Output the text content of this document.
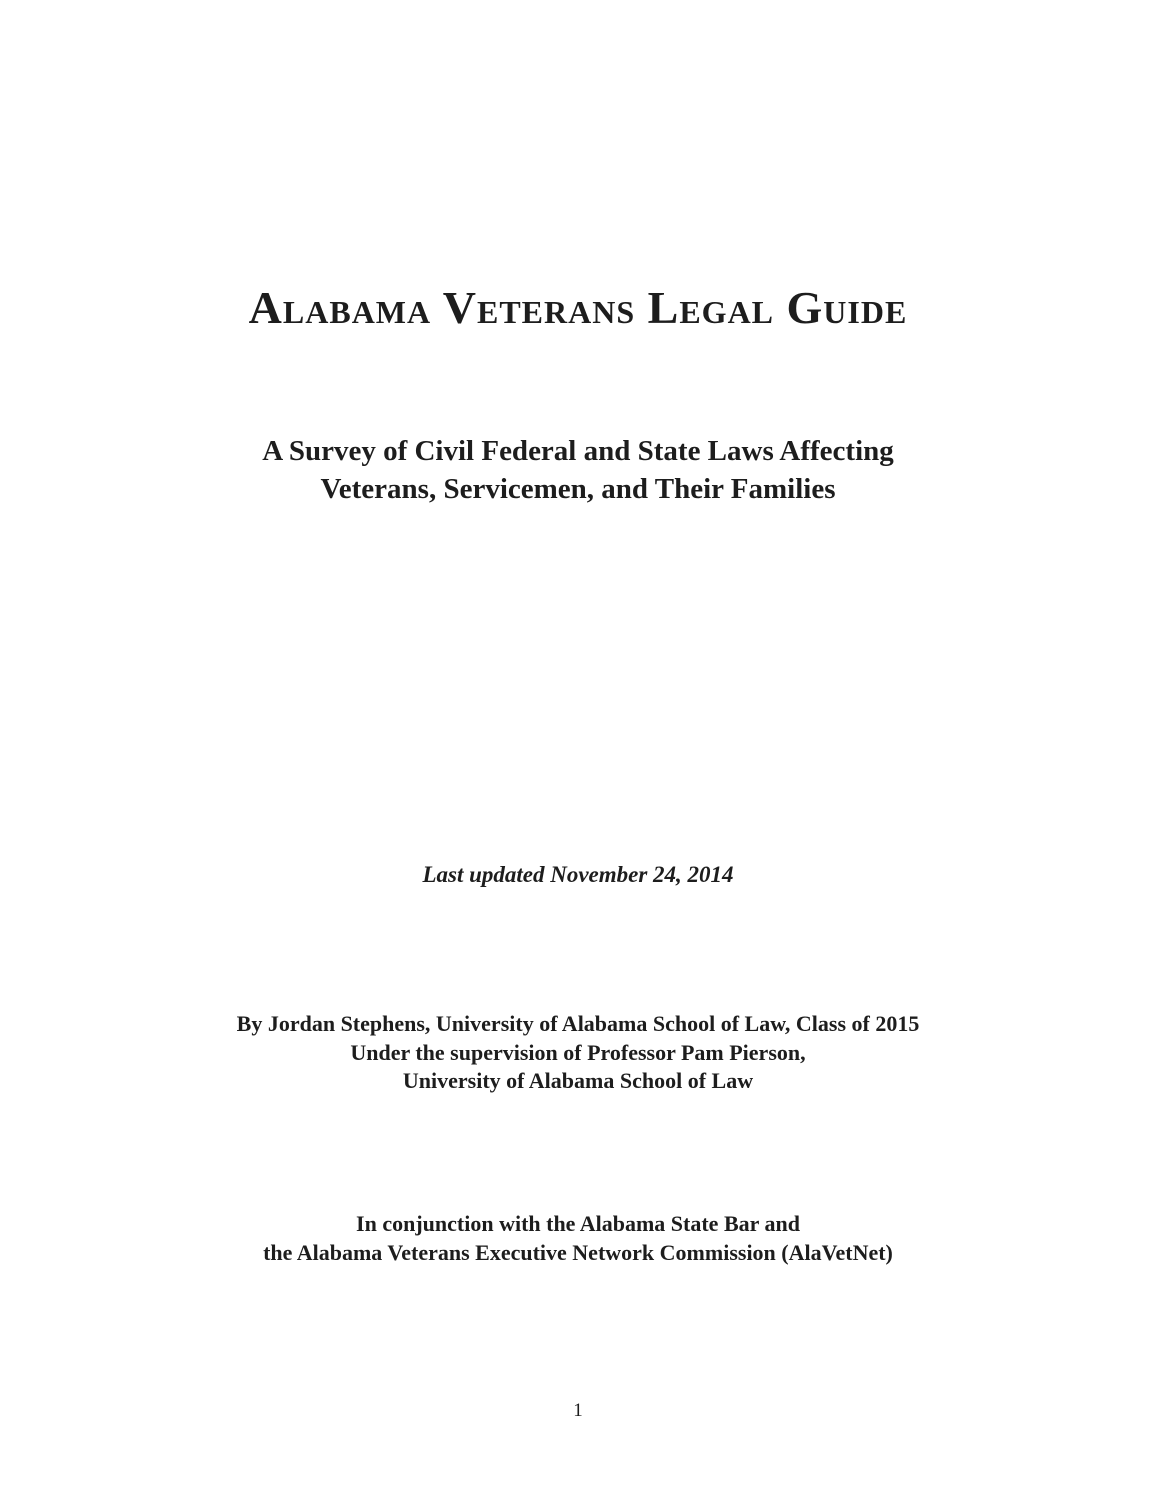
Alabama Veterans Legal Guide
A Survey of Civil Federal and State Laws Affecting
Veterans, Servicemen, and Their Families
Last updated November 24, 2014
By Jordan Stephens, University of Alabama School of Law, Class of 2015
Under the supervision of Professor Pam Pierson,
University of Alabama School of Law
In conjunction with the Alabama State Bar and
the Alabama Veterans Executive Network Commission (AlaVetNet)
1
